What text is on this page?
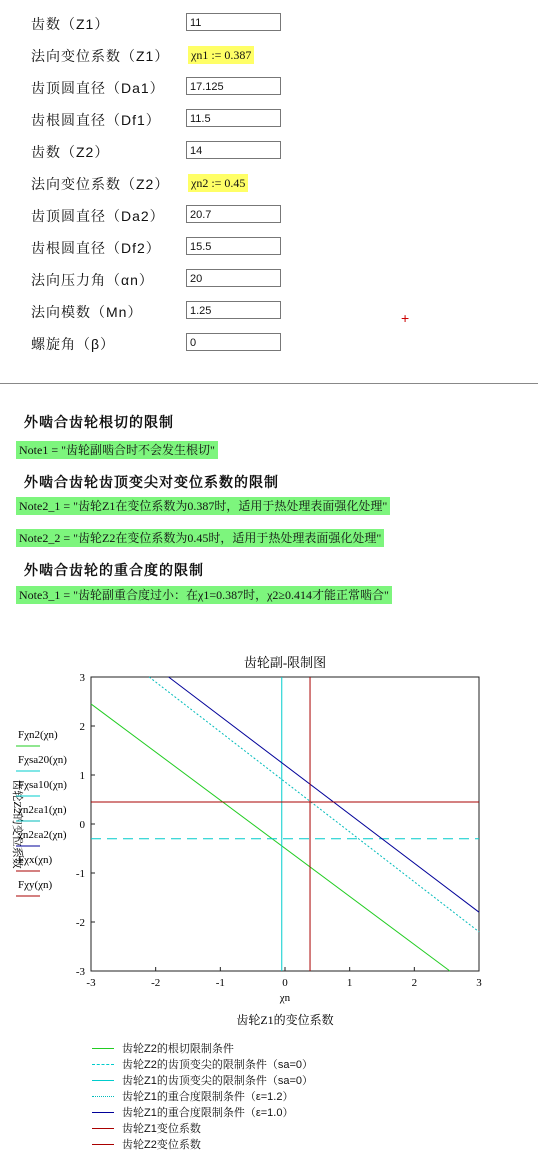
齿数（Z1）	11
法向变位系数（Z1） χn1 := 0.387
齿顶圆直径（Da1）	17.125
齿根圆直径（Df1）	11.5
齿数（Z2）	14
法向变位系数（Z2） χn2 := 0.45
齿顶圆直径（Da2）	20.7
齿根圆直径（Df2）	15.5
法向压力角（αn）	20
法向模数（Mn）	1.25
螺旋角（β）	0
+
外啮合齿轮根切的限制
Note1 = "齿轮副啮合时不会发生根切"
外啮合齿轮齿顶变尖对变位系数的限制
Note2_1 = "齿轮Z1在变位系数为0.387时，适用于热处理表面强化处理"
Note2_2 = "齿轮Z2在变位系数为0.45时，适用于热处理表面强化处理"
外啮合齿轮的重合度的限制
Note3_1 = "齿轮副重合度过小：在χ1=0.387时，χ2≥0.414才能正常啮合"
齿轮副-限制图
-3	-2	-1	0	1	2	3
-3
-2
-1
0
1
2
3
χn
齿轮Z1的变位系数
齿轮Z2的变位系数
Fχn2(χn)
Fχsa20(χn)
Fχsa10(χn)
χn2εa1(χn)
χn2εa2(χn)
Fχx(χn)
Fχy(χn)
齿轮Z2的根切限制条件
齿轮Z2的齿顶变尖的限制条件（sa=0）
齿轮Z1的齿顶变尖的限制条件（sa=0）
齿轮Z1的重合度限制条件（ε=1.2）
齿轮Z1的重合度限制条件（ε=1.0）
齿轮Z1变位系数
齿轮Z2变位系数
